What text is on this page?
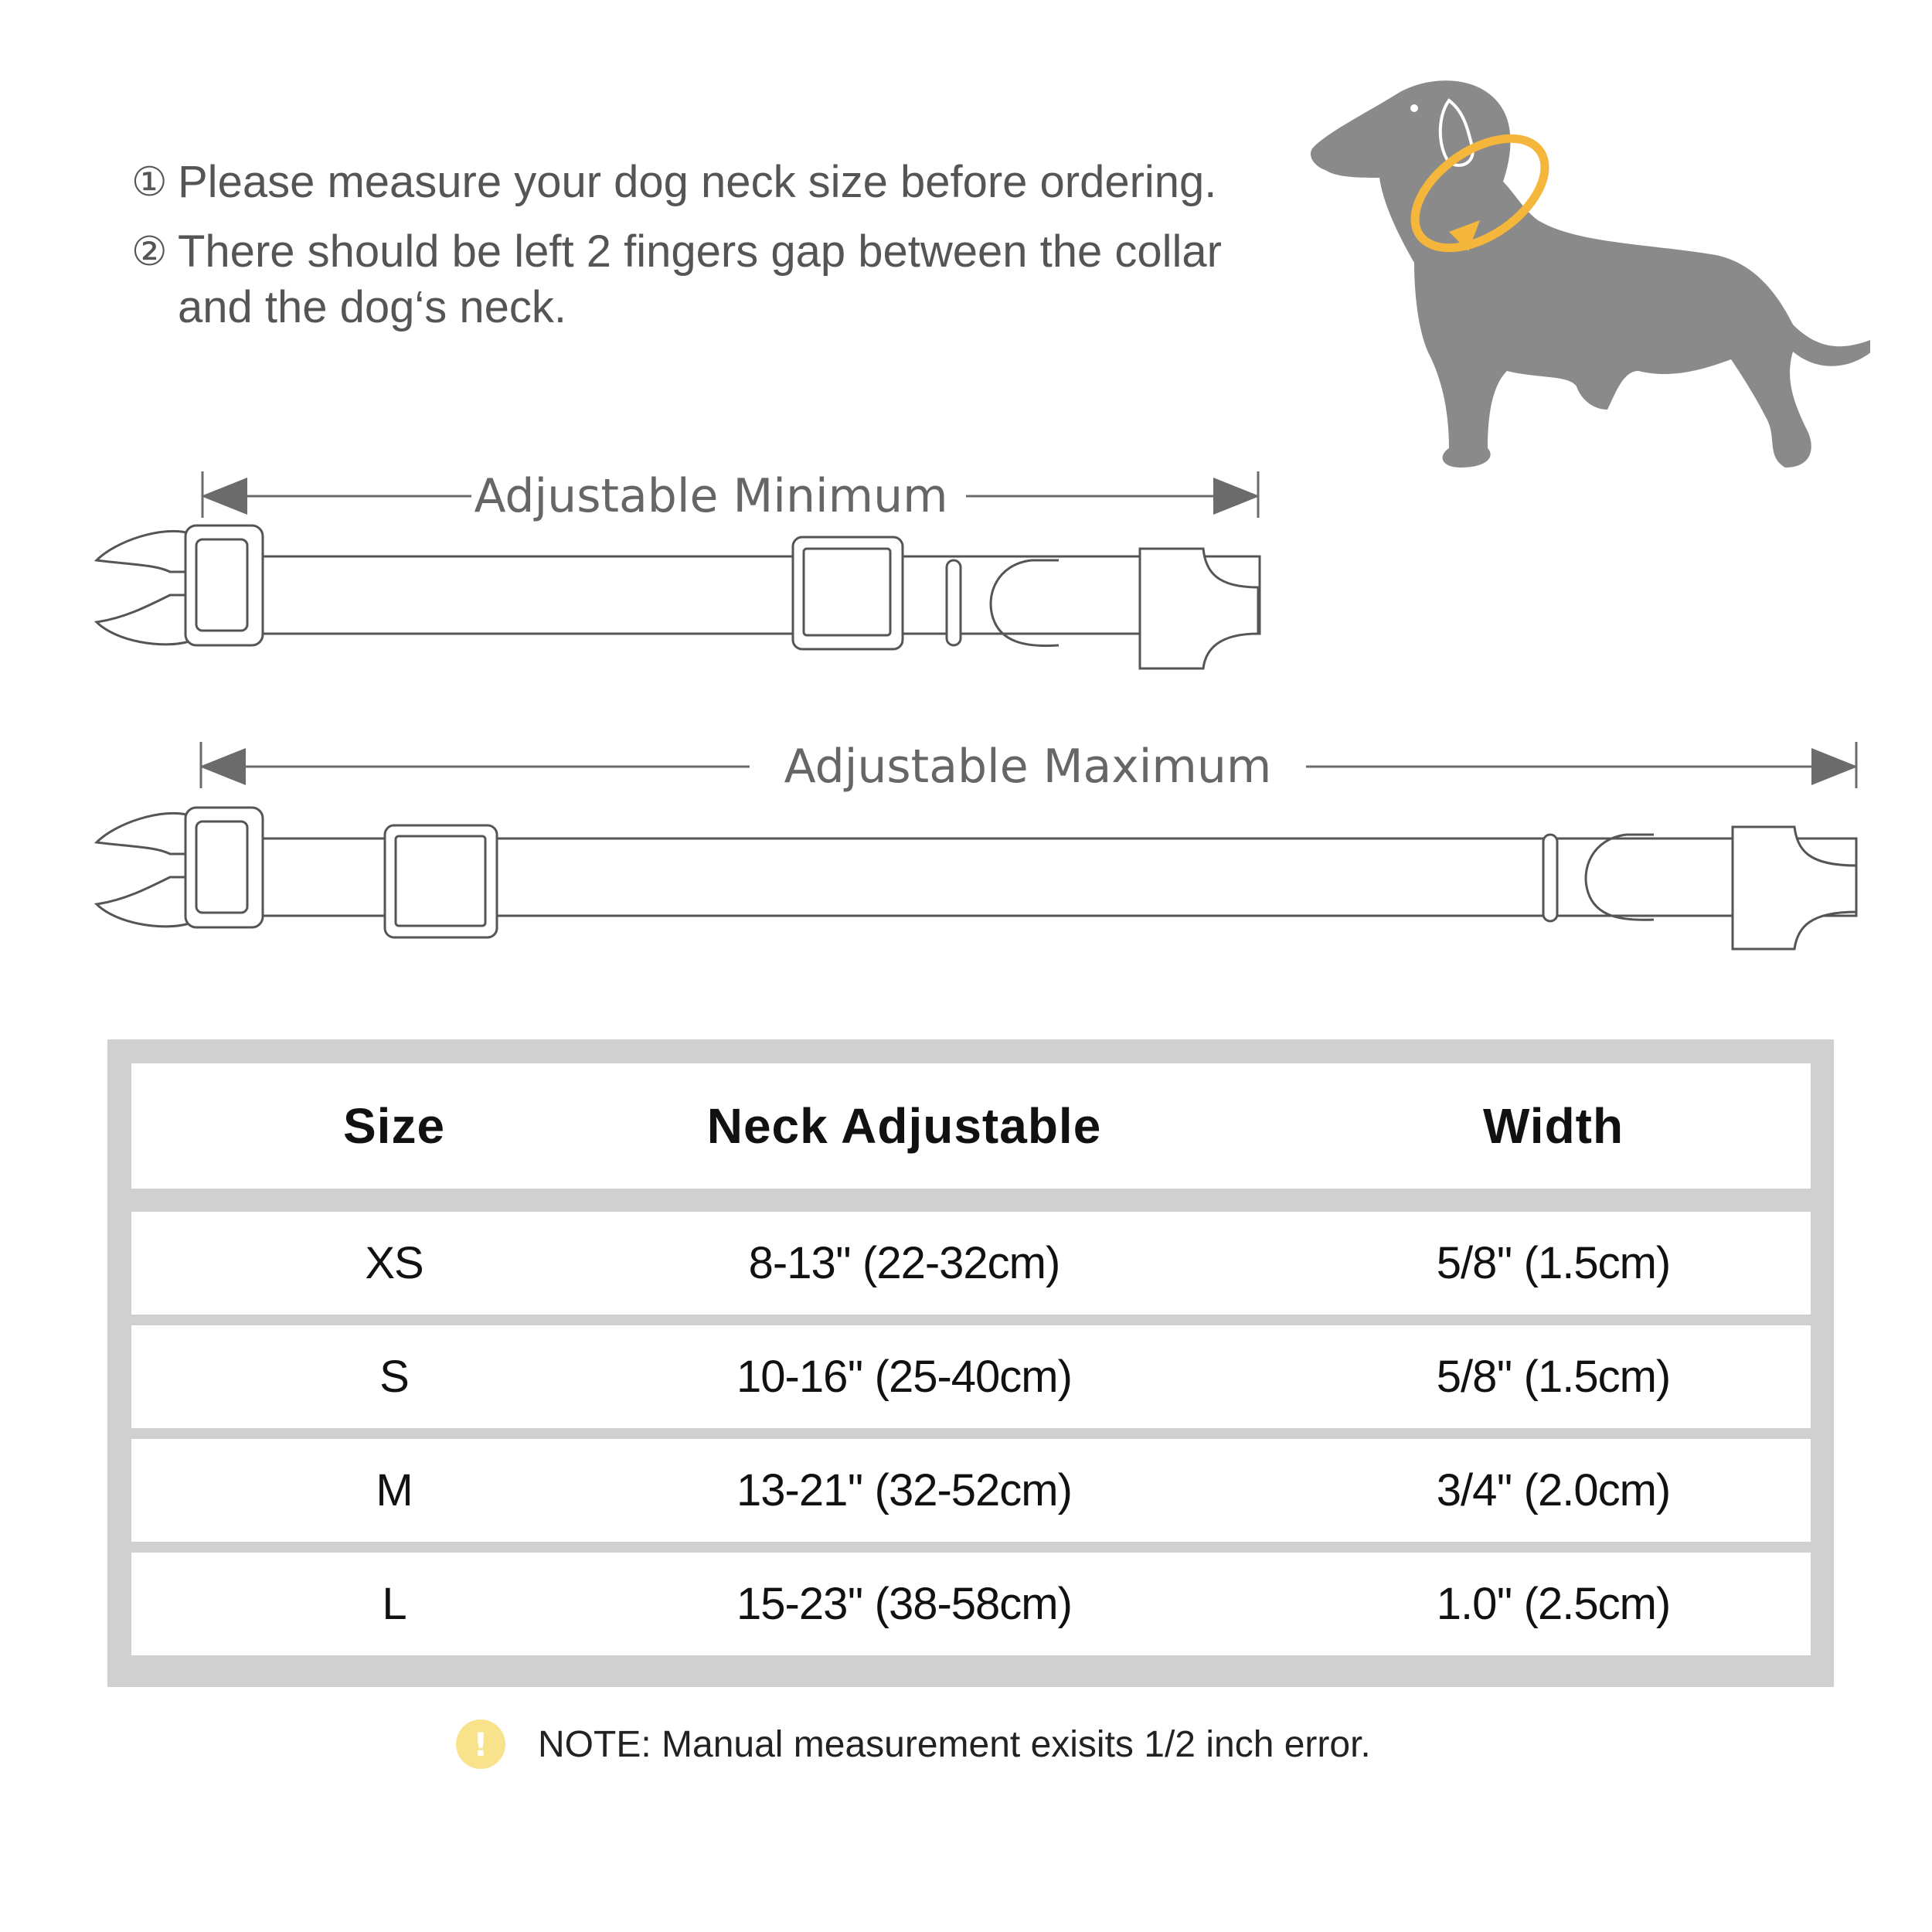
① Please measure your dog neck size before ordering.
② There should be left 2 fingers gap between the collar and the dog‘s neck.
Adjustable Minimum
Adjustable Maximum
Size	Neck Adjustable	Width
XS	8-13'' (22-32cm)	5/8'' (1.5cm)
S	10-16'' (25-40cm)	5/8'' (1.5cm)
M	13-21'' (32-52cm)	3/4'' (2.0cm)
L	15-23'' (38-58cm)	1.0'' (2.5cm)
!	NOTE: Manual measurement exisits 1/2 inch error.
